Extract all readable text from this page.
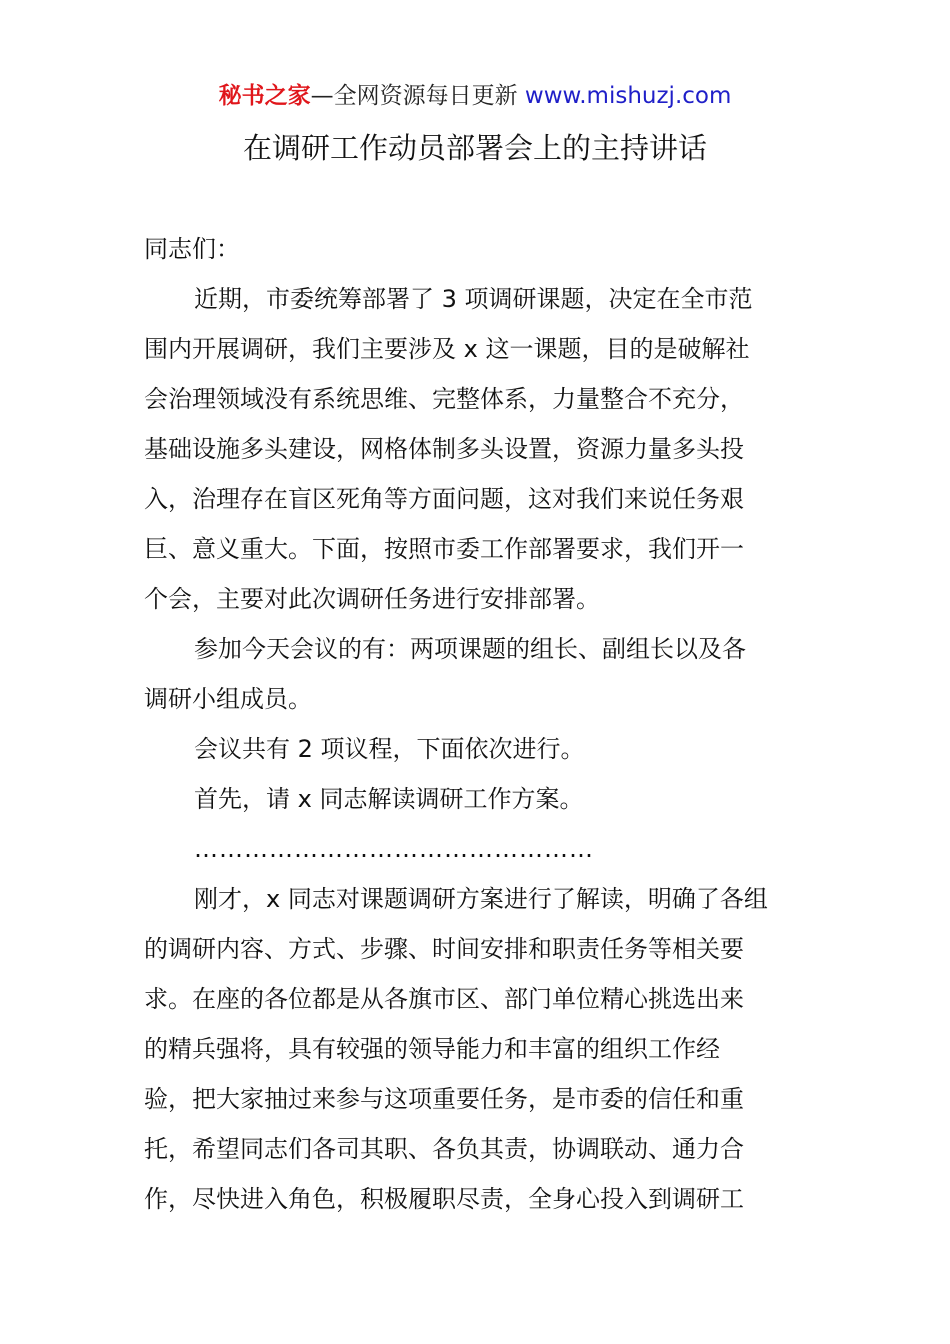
秘书之家—全网资源每日更新 www.mishuzj.com
在调研工作动员部署会上的主持讲话

同志们：

近期，市委统筹部署了 3 项调研课题，决定在全市范

围内开展调研，我们主要涉及 x 这一课题，目的是破解社

会治理领域没有系统思维、完整体系，力量整合不充分，

基础设施多头建设，网格体制多头设置，资源力量多头投

入，治理存在盲区死角等方面问题，这对我们来说任务艰

巨、意义重大。下面，按照市委工作部署要求，我们开一

个会，主要对此次调研任务进行安排部署。

参加今天会议的有：两项课题的组长、副组长以及各

调研小组成员。

会议共有 2 项议程，下面依次进行。

首先，请 x 同志解读调研工作方案。

…………………………………………

刚才，x 同志对课题调研方案进行了解读，明确了各组

的调研内容、方式、步骤、时间安排和职责任务等相关要

求。在座的各位都是从各旗市区、部门单位精心挑选出来

的精兵强将，具有较强的领导能力和丰富的组织工作经

验，把大家抽过来参与这项重要任务，是市委的信任和重

托，希望同志们各司其职、各负其责，协调联动、通力合

作，尽快进入角色，积极履职尽责，全身心投入到调研工
